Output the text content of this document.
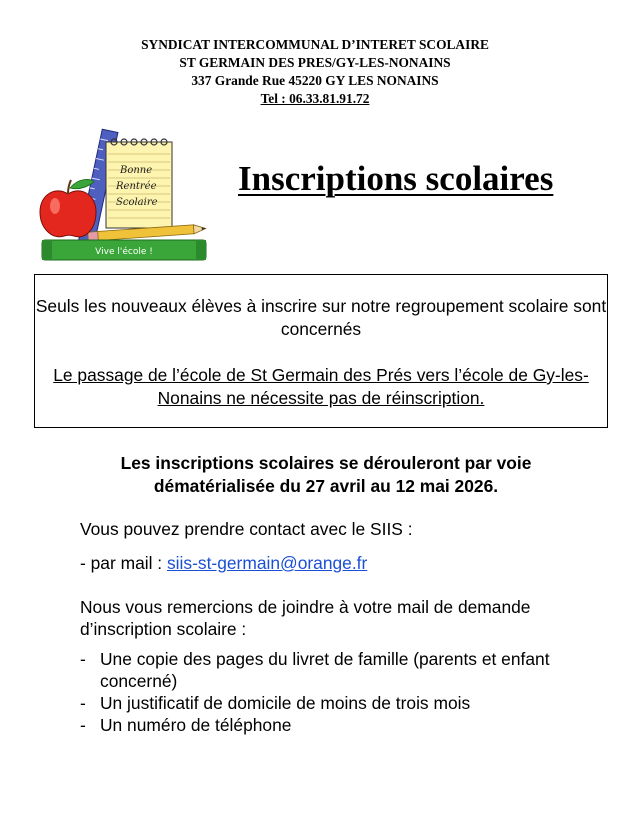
SYNDICAT INTERCOMMUNAL D’INTERET SCOLAIRE
ST GERMAIN DES PRES/GY-LES-NONAINS
337 Grande Rue 45220 GY LES NONAINS
Tel : 06.33.81.91.72
Bonne
Rentrée
Scolaire
Vive l'école !
Inscriptions scolaires

Seuls les nouveaux élèves à inscrire sur notre regroupement scolaire sont concernés

Le passage de l’école de St Germain des Prés vers l’école de Gy-les-Nonains ne nécessite pas de réinscription.

Les inscriptions scolaires se dérouleront par voie dématérialisée du 27 avril au 12 mai 2026.
Vous pouvez prendre contact avec le SIIS :
- par mail : siis-st-germain@orange.fr
Nous vous remercions de joindre à votre mail de demande d’inscription scolaire :
- Une copie des pages du livret de famille (parents et enfant concerné)
- Un justificatif de domicile de moins de trois mois
- Un numéro de téléphone
